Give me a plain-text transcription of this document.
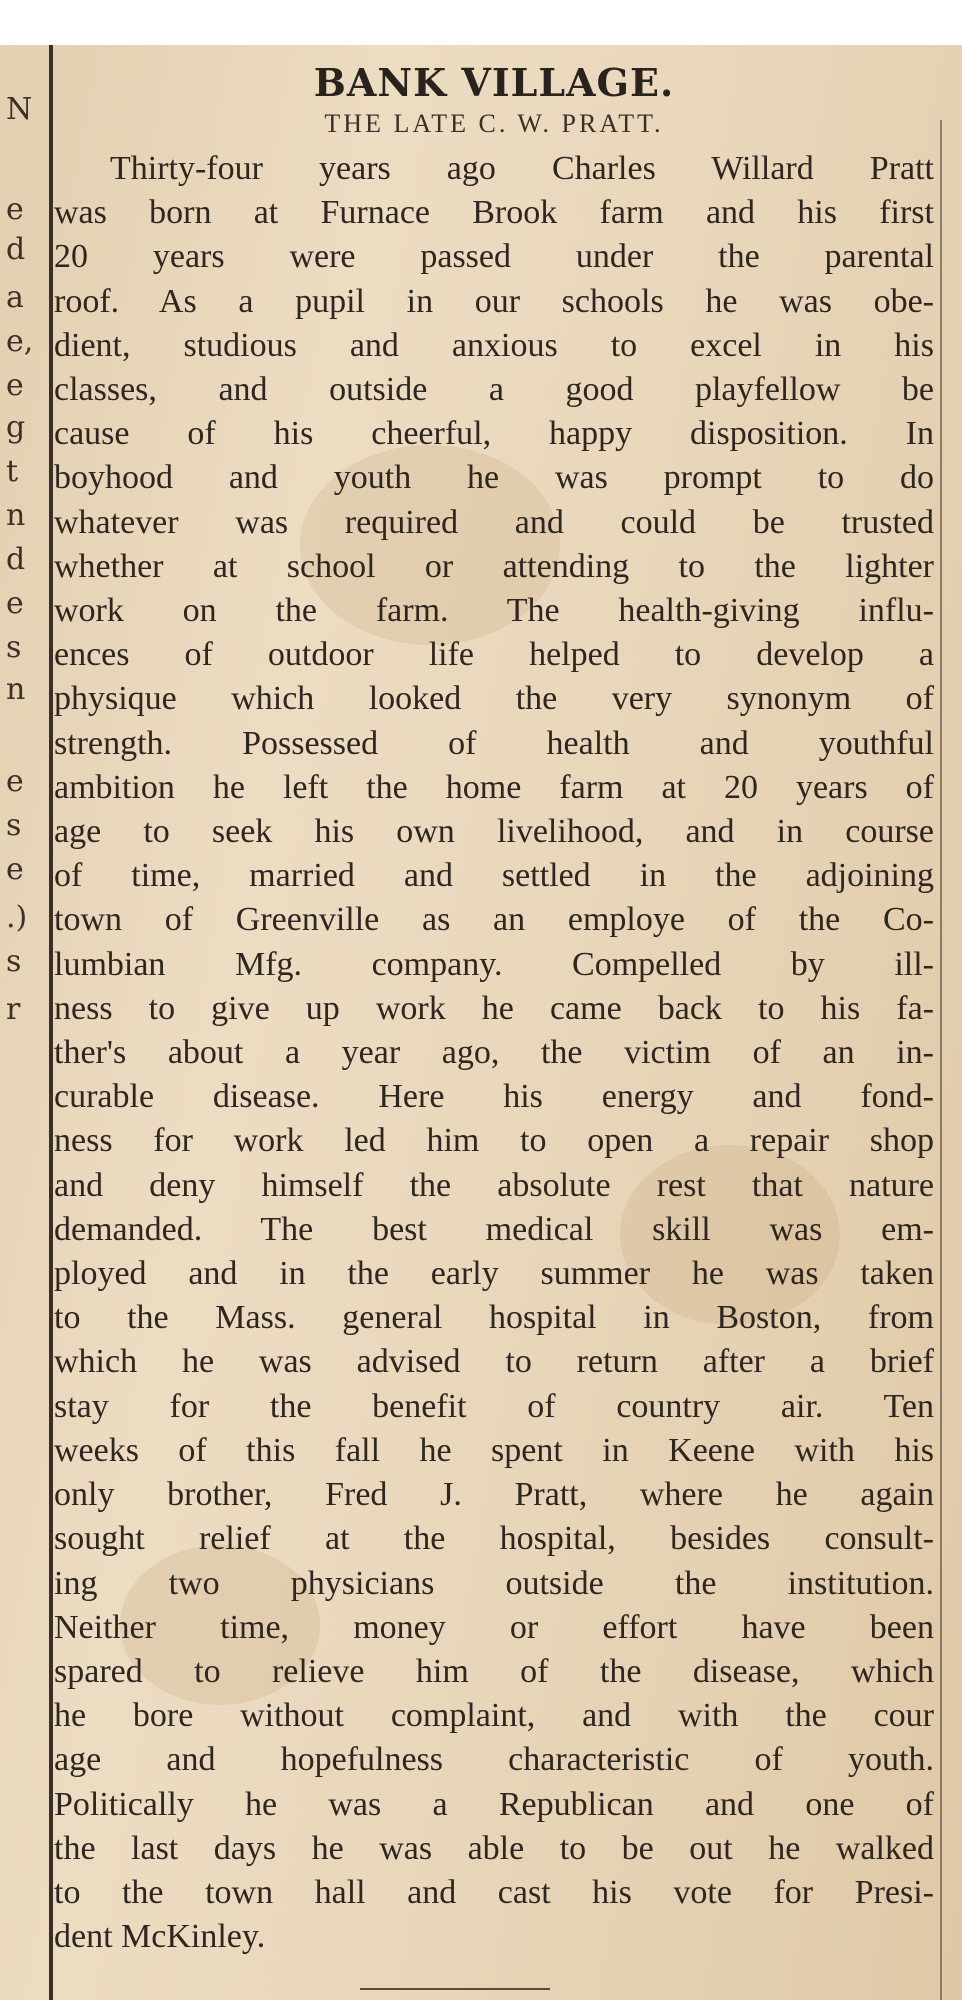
N
e
d
a
e,
e
g
t
n
d
e
s
n
e
s
e
.)
s
r
BANK VILLAGE.
THE LATE C. W. PRATT.
Thirty-four years ago Charles Willard Pratt
was born at Furnace Brook farm and his first
20 years were passed under the parental
roof. As a pupil in our schools he was obe-
dient, studious and anxious to excel in his
classes, and outside a good playfellow be
cause of his cheerful, happy disposition. In
boyhood and youth he was prompt to do
whatever was required and could be trusted
whether at school or attending to the lighter
work on the farm. The health-giving influ-
ences of outdoor life helped to develop a
physique which looked the very synonym of
strength. Possessed of health and youthful
ambition he left the home farm at 20 years of
age to seek his own livelihood, and in course
of time, married and settled in the adjoining
town of Greenville as an employe of the Co-
lumbian Mfg. company. Compelled by ill-
ness to give up work he came back to his fa-
ther's about a year ago, the victim of an in-
curable disease. Here his energy and fond-
ness for work led him to open a repair shop
and deny himself the absolute rest that nature
demanded. The best medical skill was em-
ployed and in the early summer he was taken
to the Mass. general hospital in Boston, from
which he was advised to return after a brief
stay for the benefit of country air. Ten
weeks of this fall he spent in Keene with his
only brother, Fred J. Pratt, where he again
sought relief at the hospital, besides consult-
ing two physicians outside the institution.
Neither time, money or effort have been
spared to relieve him of the disease, which
he bore without complaint, and with the cour
age and hopefulness characteristic of youth.
Politically he was a Republican and one of
the last days he was able to be out he walked
to the town hall and cast his vote for Presi-
dent McKinley.
